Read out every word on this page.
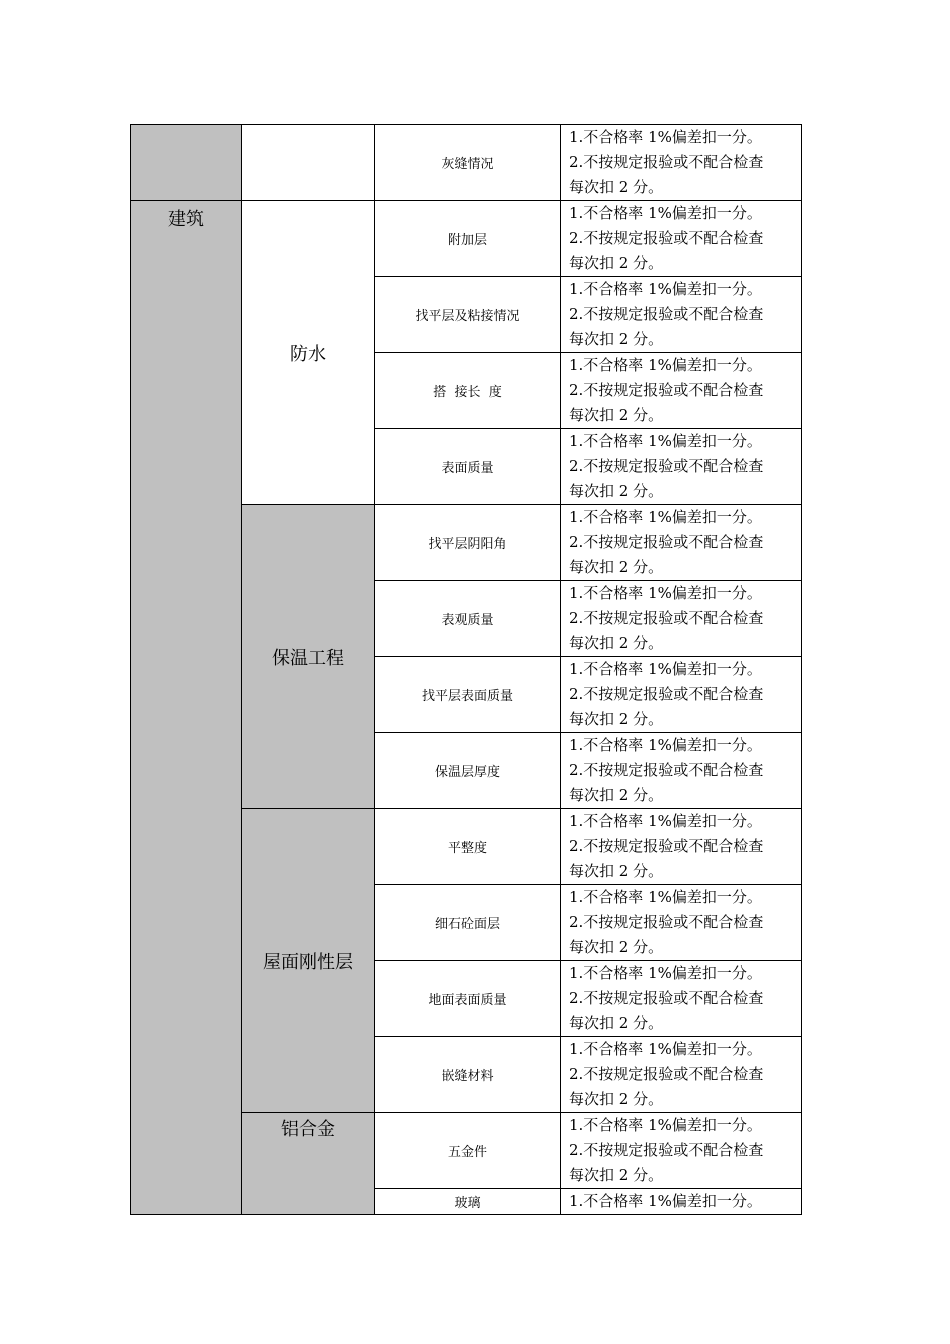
		灰缝情况	1.不合格率 1%偏差扣一分。
2.不按规定报验或不配合检查
每次扣 2 分。

建筑	防水	附加层	1.不合格率 1%偏差扣一分。
2.不按规定报验或不配合检查
每次扣 2 分。

		找平层及粘接情况	1.不合格率 1%偏差扣一分。
2.不按规定报验或不配合检查
每次扣 2 分。

		搭  接长  度	1.不合格率 1%偏差扣一分。
2.不按规定报验或不配合检查
每次扣 2 分。

		表面质量	1.不合格率 1%偏差扣一分。
2.不按规定报验或不配合检查
每次扣 2 分。

	保温工程	找平层阴阳角	1.不合格率 1%偏差扣一分。
2.不按规定报验或不配合检查
每次扣 2 分。

		表观质量	1.不合格率 1%偏差扣一分。
2.不按规定报验或不配合检查
每次扣 2 分。

		找平层表面质量	1.不合格率 1%偏差扣一分。
2.不按规定报验或不配合检查
每次扣 2 分。

		保温层厚度	1.不合格率 1%偏差扣一分。
2.不按规定报验或不配合检查
每次扣 2 分。

	屋面刚性层	平整度	1.不合格率 1%偏差扣一分。
2.不按规定报验或不配合检查
每次扣 2 分。

		细石砼面层	1.不合格率 1%偏差扣一分。
2.不按规定报验或不配合检查
每次扣 2 分。

		地面表面质量	1.不合格率 1%偏差扣一分。
2.不按规定报验或不配合检查
每次扣 2 分。

		嵌缝材料	1.不合格率 1%偏差扣一分。
2.不按规定报验或不配合检查
每次扣 2 分。

	铝合金	五金件	1.不合格率 1%偏差扣一分。
2.不按规定报验或不配合检查
每次扣 2 分。

		玻璃	1.不合格率 1%偏差扣一分。
